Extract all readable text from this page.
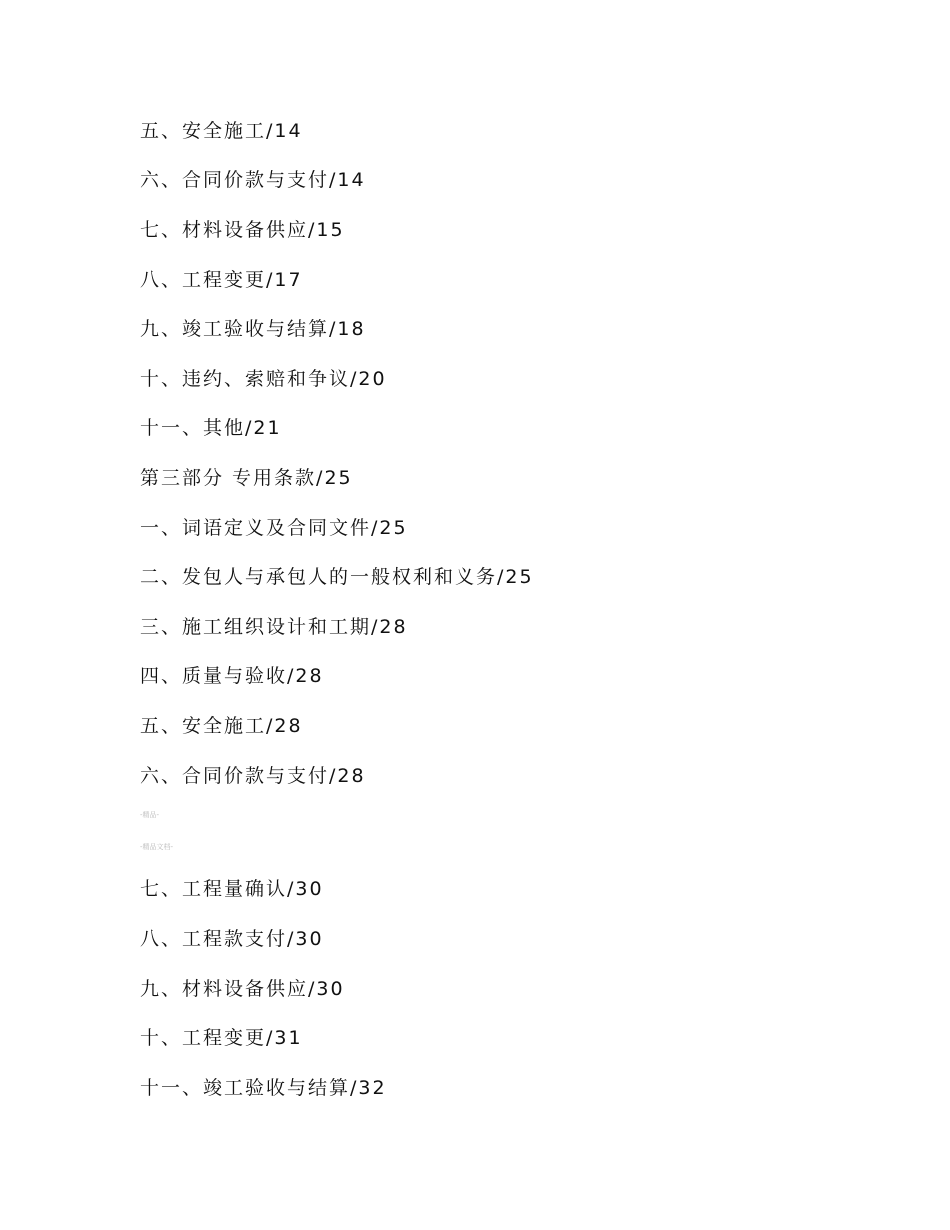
五、安全施工/14
六、合同价款与支付/14
七、材料设备供应/15
八、工程变更/17
九、竣工验收与结算/18
十、违约、索赔和争议/20
十一、其他/21
第三部分 专用条款/25
一、词语定义及合同文件/25
二、发包人与承包人的一般权利和义务/25
三、施工组织设计和工期/28
四、质量与验收/28
五、安全施工/28
六、合同价款与支付/28
-精品-
-精品文档-
七、工程量确认/30
八、工程款支付/30
九、材料设备供应/30
十、工程变更/31
十一、竣工验收与结算/32
